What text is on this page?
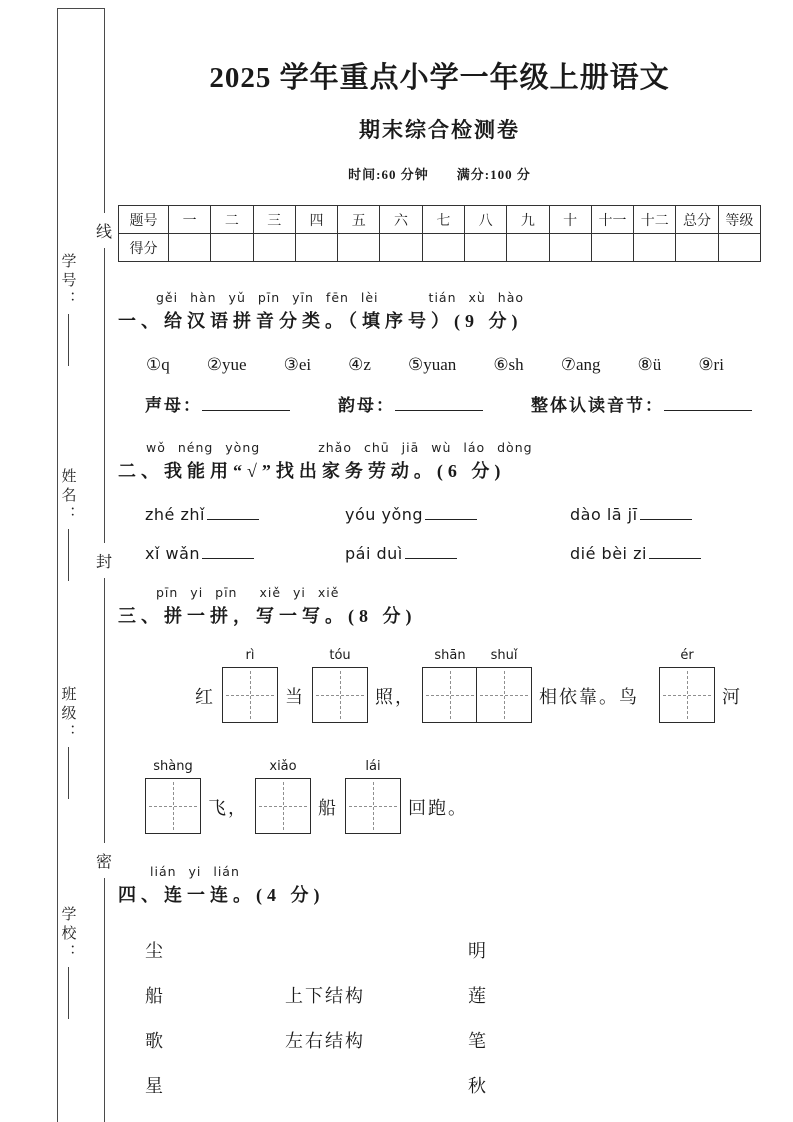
学号：
姓名：
班级：
学校：
线
封
密
2025 学年重点小学一年级上册语文
期末综合检测卷
时间:60 分钟　　满分:100 分
题号	一	二	三	四	五	六	七	八	九	十	十一	十二	总分	等级
得分														
gěi hàn yǔ pīn yīn fēn lèi	tián xù hào
一、给汉语拼音分类。（填序号）(9 分)
①q ②yue ③ei ④z ⑤yuan ⑥sh ⑦ang ⑧ü ⑨ri
声母：	韵母：	整体认读音节：
wǒ néng yòng	zhǎo chū jiā wù láo dòng
二、我能用“√”找出家务劳动。(6 分)
zhé zhǐ	yóu yǒng	dào lā jī
xǐ wǎn	pái duì	dié bèi zi
pīn yi pīn xiě yi xiě
三、拼一拼，写一写。(8 分)
红
rì
当
tóu
照，
shān shuǐ
相依靠。鸟
ér
河
shàng
飞，
xiǎo
船
lái
回跑。
lián yi lián
四、连一连。(4 分)
尘
船
歌
星
上下结构
左右结构
明
莲
笔
秋
